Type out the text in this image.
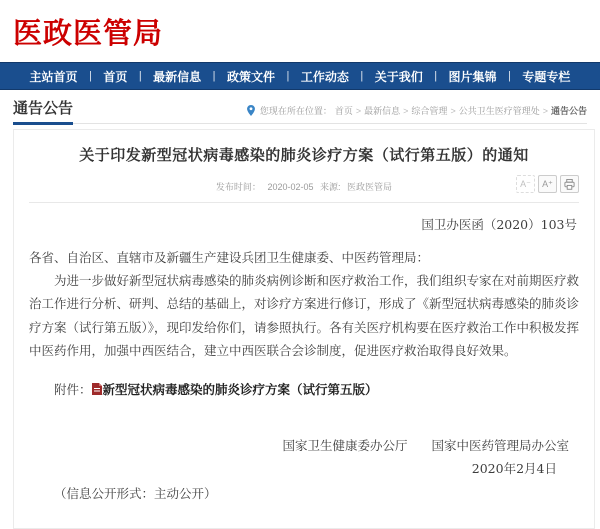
医政医管局
主站首页 | 首页 | 最新信息 | 政策文件 | 工作动态 | 关于我们 | 图片集锦 | 专题专栏
通告公告	您现在所在位置： 首页 > 最新信息 > 综合管理 > 公共卫生医疗管理处 > 通告公告
关于印发新型冠状病毒感染的肺炎诊疗方案（试行第五版）的通知
发布时间： 2020-02-05 来源: 医政医管局	A⁻	A⁺
国卫办医函（2020）103号
各省、自治区、直辖市及新疆生产建设兵团卫生健康委、中医药管理局：
为进一步做好新型冠状病毒感染的肺炎病例诊断和医疗救治工作，我们组织专家在对前期医疗救治工作进行分析、研判、总结的基础上，对诊疗方案进行修订，形成了《新型冠状病毒感染的肺炎诊疗方案（试行第五版）》，现印发给你们，请参照执行。各有关医疗机构要在医疗救治工作中积极发挥中医药作用，加强中西医结合，建立中西医联合会诊制度，促进医疗救治取得良好效果。
附件： 新型冠状病毒感染的肺炎诊疗方案（试行第五版）
国家卫生健康委办公厅 国家中医药管理局办公室
2020年2月4日
（信息公开形式：主动公开）
